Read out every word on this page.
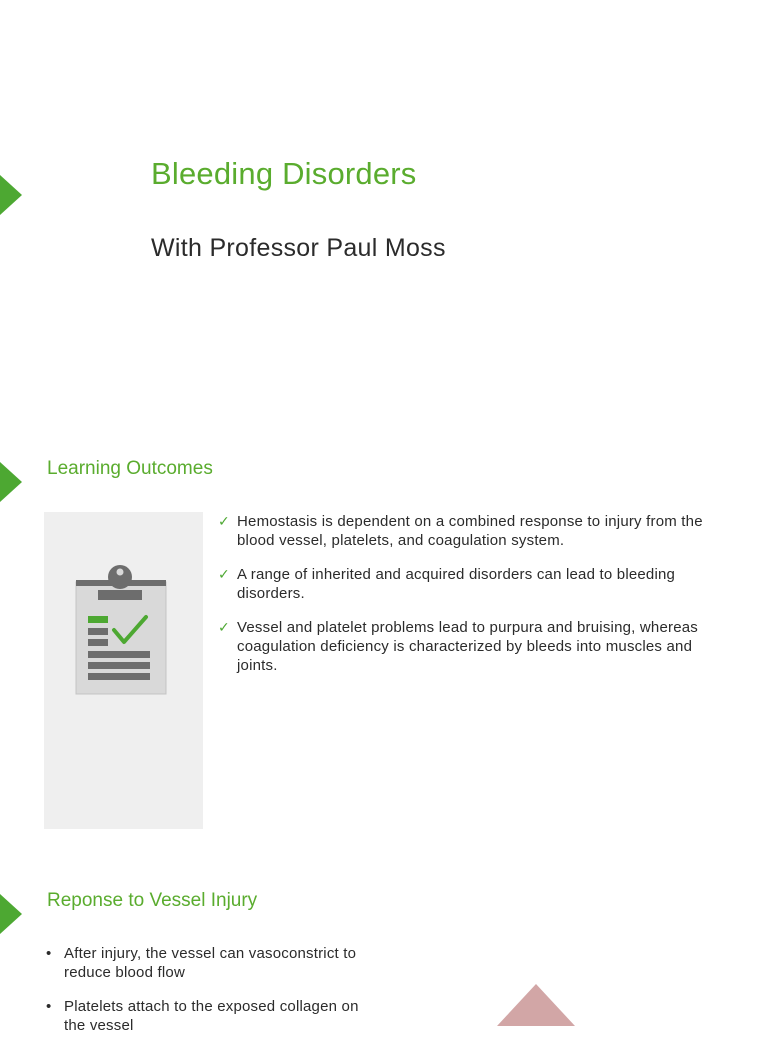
Bleeding Disorders
With Professor Paul Moss
Learning Outcomes
✓ Hemostasis is dependent on a combined response to injury from the blood vessel, platelets, and coagulation system.
✓ A range of inherited and acquired disorders can lead to bleeding disorders.
✓ Vessel and platelet problems lead to purpura and bruising, whereas coagulation deficiency is characterized by bleeds into muscles and joints.
Reponse to Vessel Injury
• After injury, the vessel can vasoconstrict to reduce blood flow
• Platelets attach to the exposed collagen on the vessel
